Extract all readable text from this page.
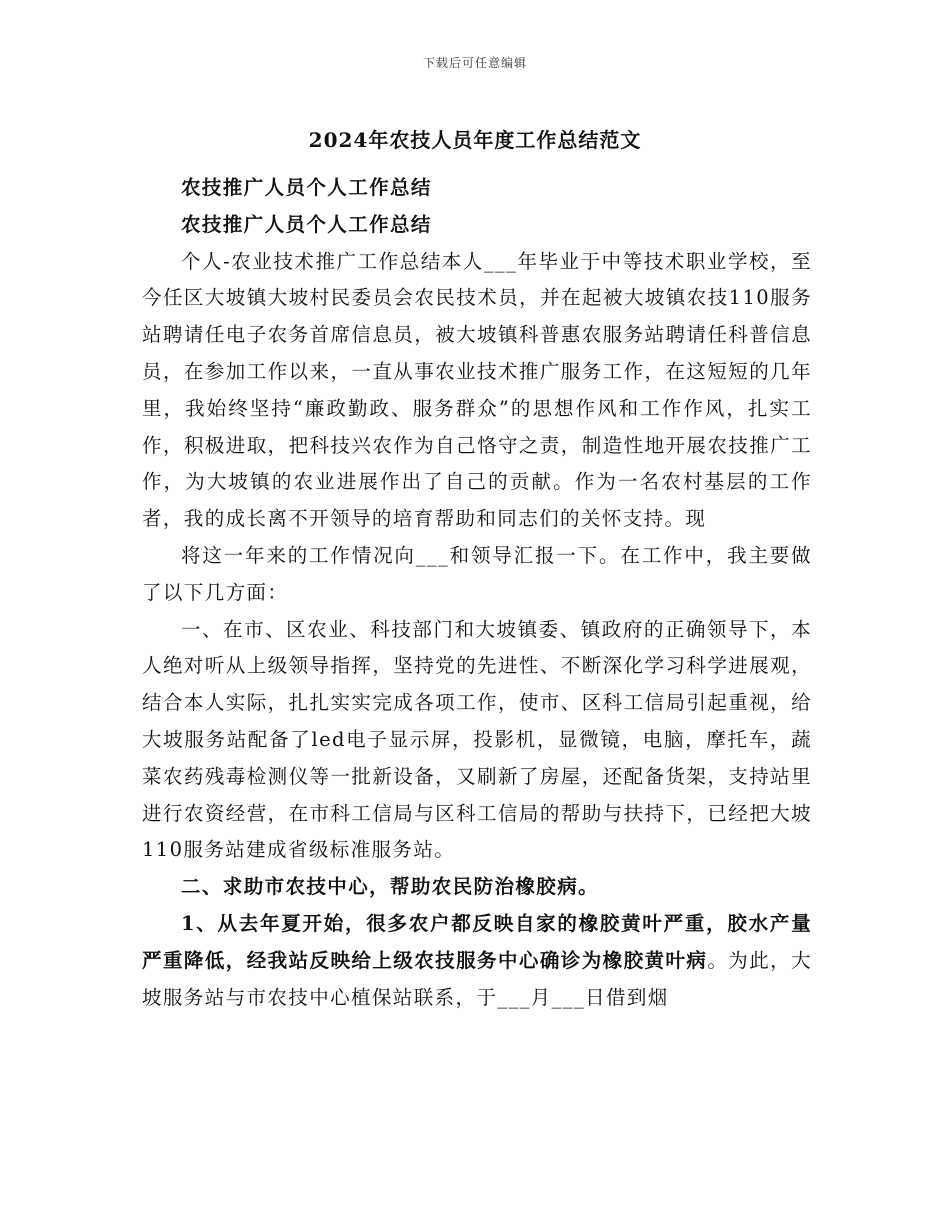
下载后可任意编辑
2024年农技人员年度工作总结范文

农技推广人员个人工作总结

农技推广人员个人工作总结

个人-农业技术推广工作总结本人___年毕业于中等技术职业学校，至今任区大坡镇大坡村民委员会农民技术员，并在起被大坡镇农技110服务站聘请任电子农务首席信息员，被大坡镇科普惠农服务站聘请任科普信息员，在参加工作以来，一直从事农业技术推广服务工作，在这短短的几年里，我始终坚持“廉政勤政、服务群众”的思想作风和工作作风，扎实工作，积极进取，把科技兴农作为自己恪守之责，制造性地开展农技推广工作，为大坡镇的农业进展作出了自己的贡献。作为一名农村基层的工作者，我的成长离不开领导的培育帮助和同志们的关怀支持。现

将这一年来的工作情况向___和领导汇报一下。在工作中，我主要做了以下几方面：

一、在市、区农业、科技部门和大坡镇委、镇政府的正确领导下，本人绝对听从上级领导指挥，坚持党的先进性、不断深化学习科学进展观，结合本人实际，扎扎实实完成各项工作，使市、区科工信局引起重视，给大坡服务站配备了led电子显示屏，投影机，显微镜，电脑，摩托车，蔬菜农药残毒检测仪等一批新设备，又刷新了房屋，还配备货架，支持站里进行农资经营，在市科工信局与区科工信局的帮助与扶持下，已经把大坡110服务站建成省级标准服务站。

二、求助市农技中心，帮助农民防治橡胶病。

1、从去年夏开始，很多农户都反映自家的橡胶黄叶严重，胶水产量严重降低，经我站反映给上级农技服务中心确诊为橡胶黄叶病。为此，大坡服务站与市农技中心植保站联系，于___月___日借到烟
